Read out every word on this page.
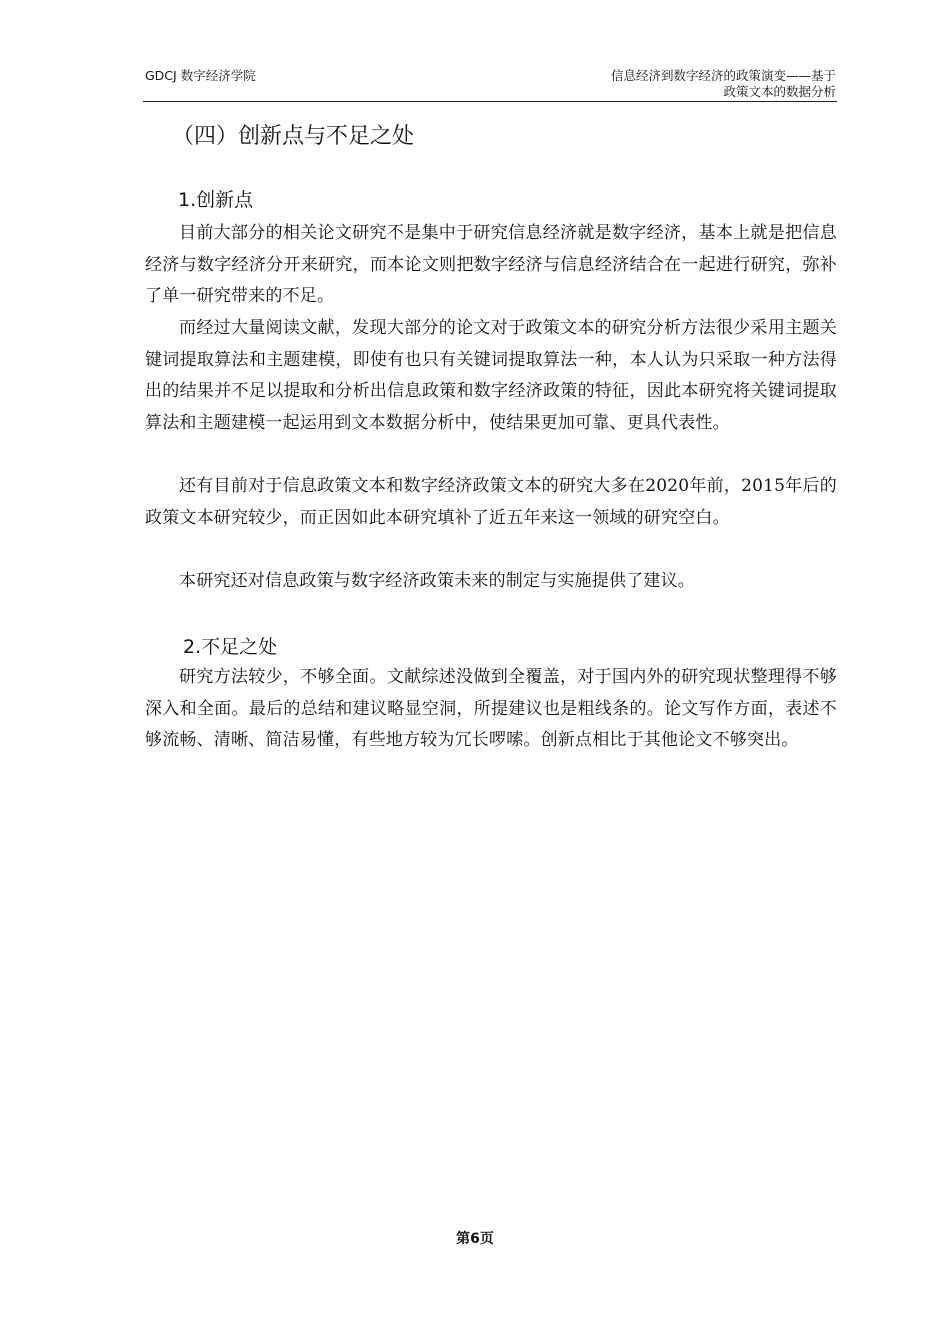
GDCJ 数字经济学院	信息经济到数字经济的政策演变——基于
政策文本的数据分析
（四）创新点与不足之处
1.创新点

目前大部分的相关论文研究不是集中于研究信息经济就是数字经济，基本上就是把信息经济与数字经济分开来研究，而本论文则把数字经济与信息经济结合在一起进行研究，弥补了单一研究带来的不足。

而经过大量阅读文献，发现大部分的论文对于政策文本的研究分析方法很少采用主题关键词提取算法和主题建模，即使有也只有关键词提取算法一种，本人认为只采取一种方法得出的结果并不足以提取和分析出信息政策和数字经济政策的特征，因此本研究将关键词提取算法和主题建模一起运用到文本数据分析中，使结果更加可靠、更具代表性。

还有目前对于信息政策文本和数字经济政策文本的研究大多在2020年前，2015年后的政策文本研究较少，而正因如此本研究填补了近五年来这一领域的研究空白。

本研究还对信息政策与数字经济政策未来的制定与实施提供了建议。

2.不足之处

研究方法较少，不够全面。文献综述没做到全覆盖，对于国内外的研究现状整理得不够深入和全面。最后的总结和建议略显空洞，所提建议也是粗线条的。论文写作方面，表述不够流畅、清晰、简洁易懂，有些地方较为冗长啰嗦。创新点相比于其他论文不够突出。

第6页
